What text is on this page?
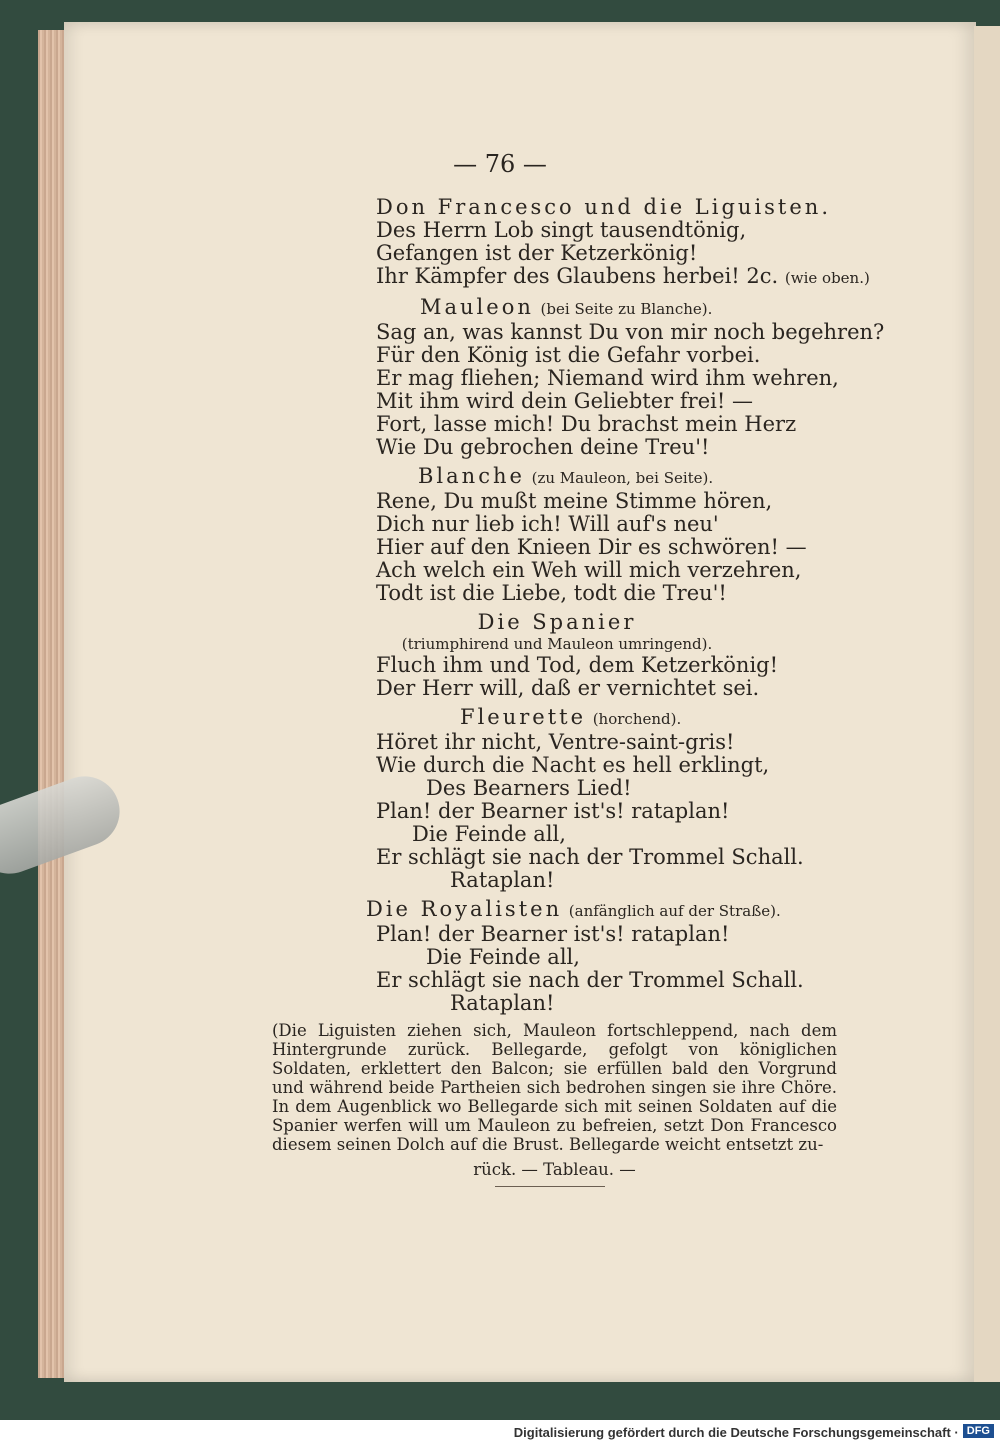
— 76 —
Don Francesco und die Liguisten.
Des Herrn Lob singt tausendtönig,
Gefangen ist der Ketzerkönig!
Ihr Kämpfer des Glaubens herbei! 2c. (wie oben.)
Mauleon (bei Seite zu Blanche).
Sag an, was kannst Du von mir noch begehren?
Für den König ist die Gefahr vorbei.
Er mag fliehen; Niemand wird ihm wehren,
Mit ihm wird dein Geliebter frei! —
Fort, lasse mich! Du brachst mein Herz
Wie Du gebrochen deine Treu'!
Blanche (zu Mauleon, bei Seite).
Rene, Du mußt meine Stimme hören,
Dich nur lieb ich! Will auf's neu'
Hier auf den Knieen Dir es schwören! —
Ach welch ein Weh will mich verzehren,
Todt ist die Liebe, todt die Treu'!
Die Spanier
(triumphirend und Mauleon umringend).
Fluch ihm und Tod, dem Ketzerkönig!
Der Herr will, daß er vernichtet sei.
Fleurette (horchend).
Höret ihr nicht, Ventre-saint-gris!
Wie durch die Nacht es hell erklingt,
Des Bearners Lied!
Plan! der Bearner ist's! rataplan!
Die Feinde all,
Er schlägt sie nach der Trommel Schall.
Rataplan!
Die Royalisten (anfänglich auf der Straße).
Plan! der Bearner ist's! rataplan!
Die Feinde all,
Er schlägt sie nach der Trommel Schall.
Rataplan!
(Die Liguisten ziehen sich, Mauleon fortschleppend, nach dem Hintergrunde zurück. Bellegarde, gefolgt von königlichen Soldaten, erklettert den Balcon; sie erfüllen bald den Vorgrund und während beide Partheien sich bedrohen singen sie ihre Chöre. In dem Augenblick wo Bellegarde sich mit seinen Soldaten auf die Spanier werfen will um Mauleon zu befreien, setzt Don Francesco diesem seinen Dolch auf die Brust. Bellegarde weicht entsetzt zu-
rück. — Tableau. —
Digitalisierung gefördert durch die Deutsche Forschungsgemeinschaft · DFG
